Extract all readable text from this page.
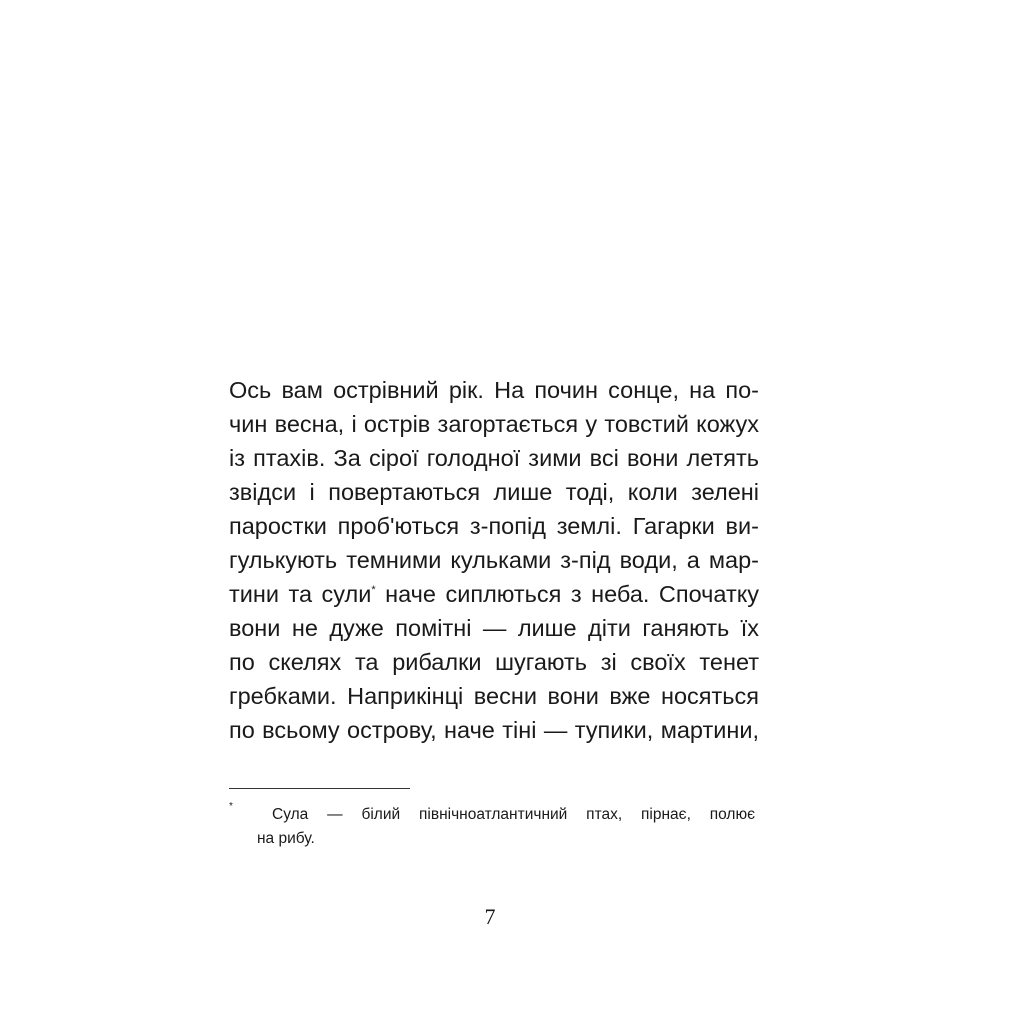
Ось вам острівний рік. На почин сонце, на по-
чин весна, і острів загортається у товстий кожух
із птахів. За сірої голодної зими всі вони летять
звідси і повертаються лише тоді, коли зелені
паростки проб'ються з-попід землі. Гагарки ви-
гулькують темними кульками з-під води, а мар-
тини та сули* наче сиплються з неба. Спочатку
вони не дуже помітні — лише діти ганяють їх
по скелях та рибалки шугають зі своїх тенет
гребками. Наприкінці весни вони вже носяться
по всьому острову, наче тіні — тупики, мартини,
*	Сула — білий північноатлантичний птах, пірнає, полює
на рибу.
7
